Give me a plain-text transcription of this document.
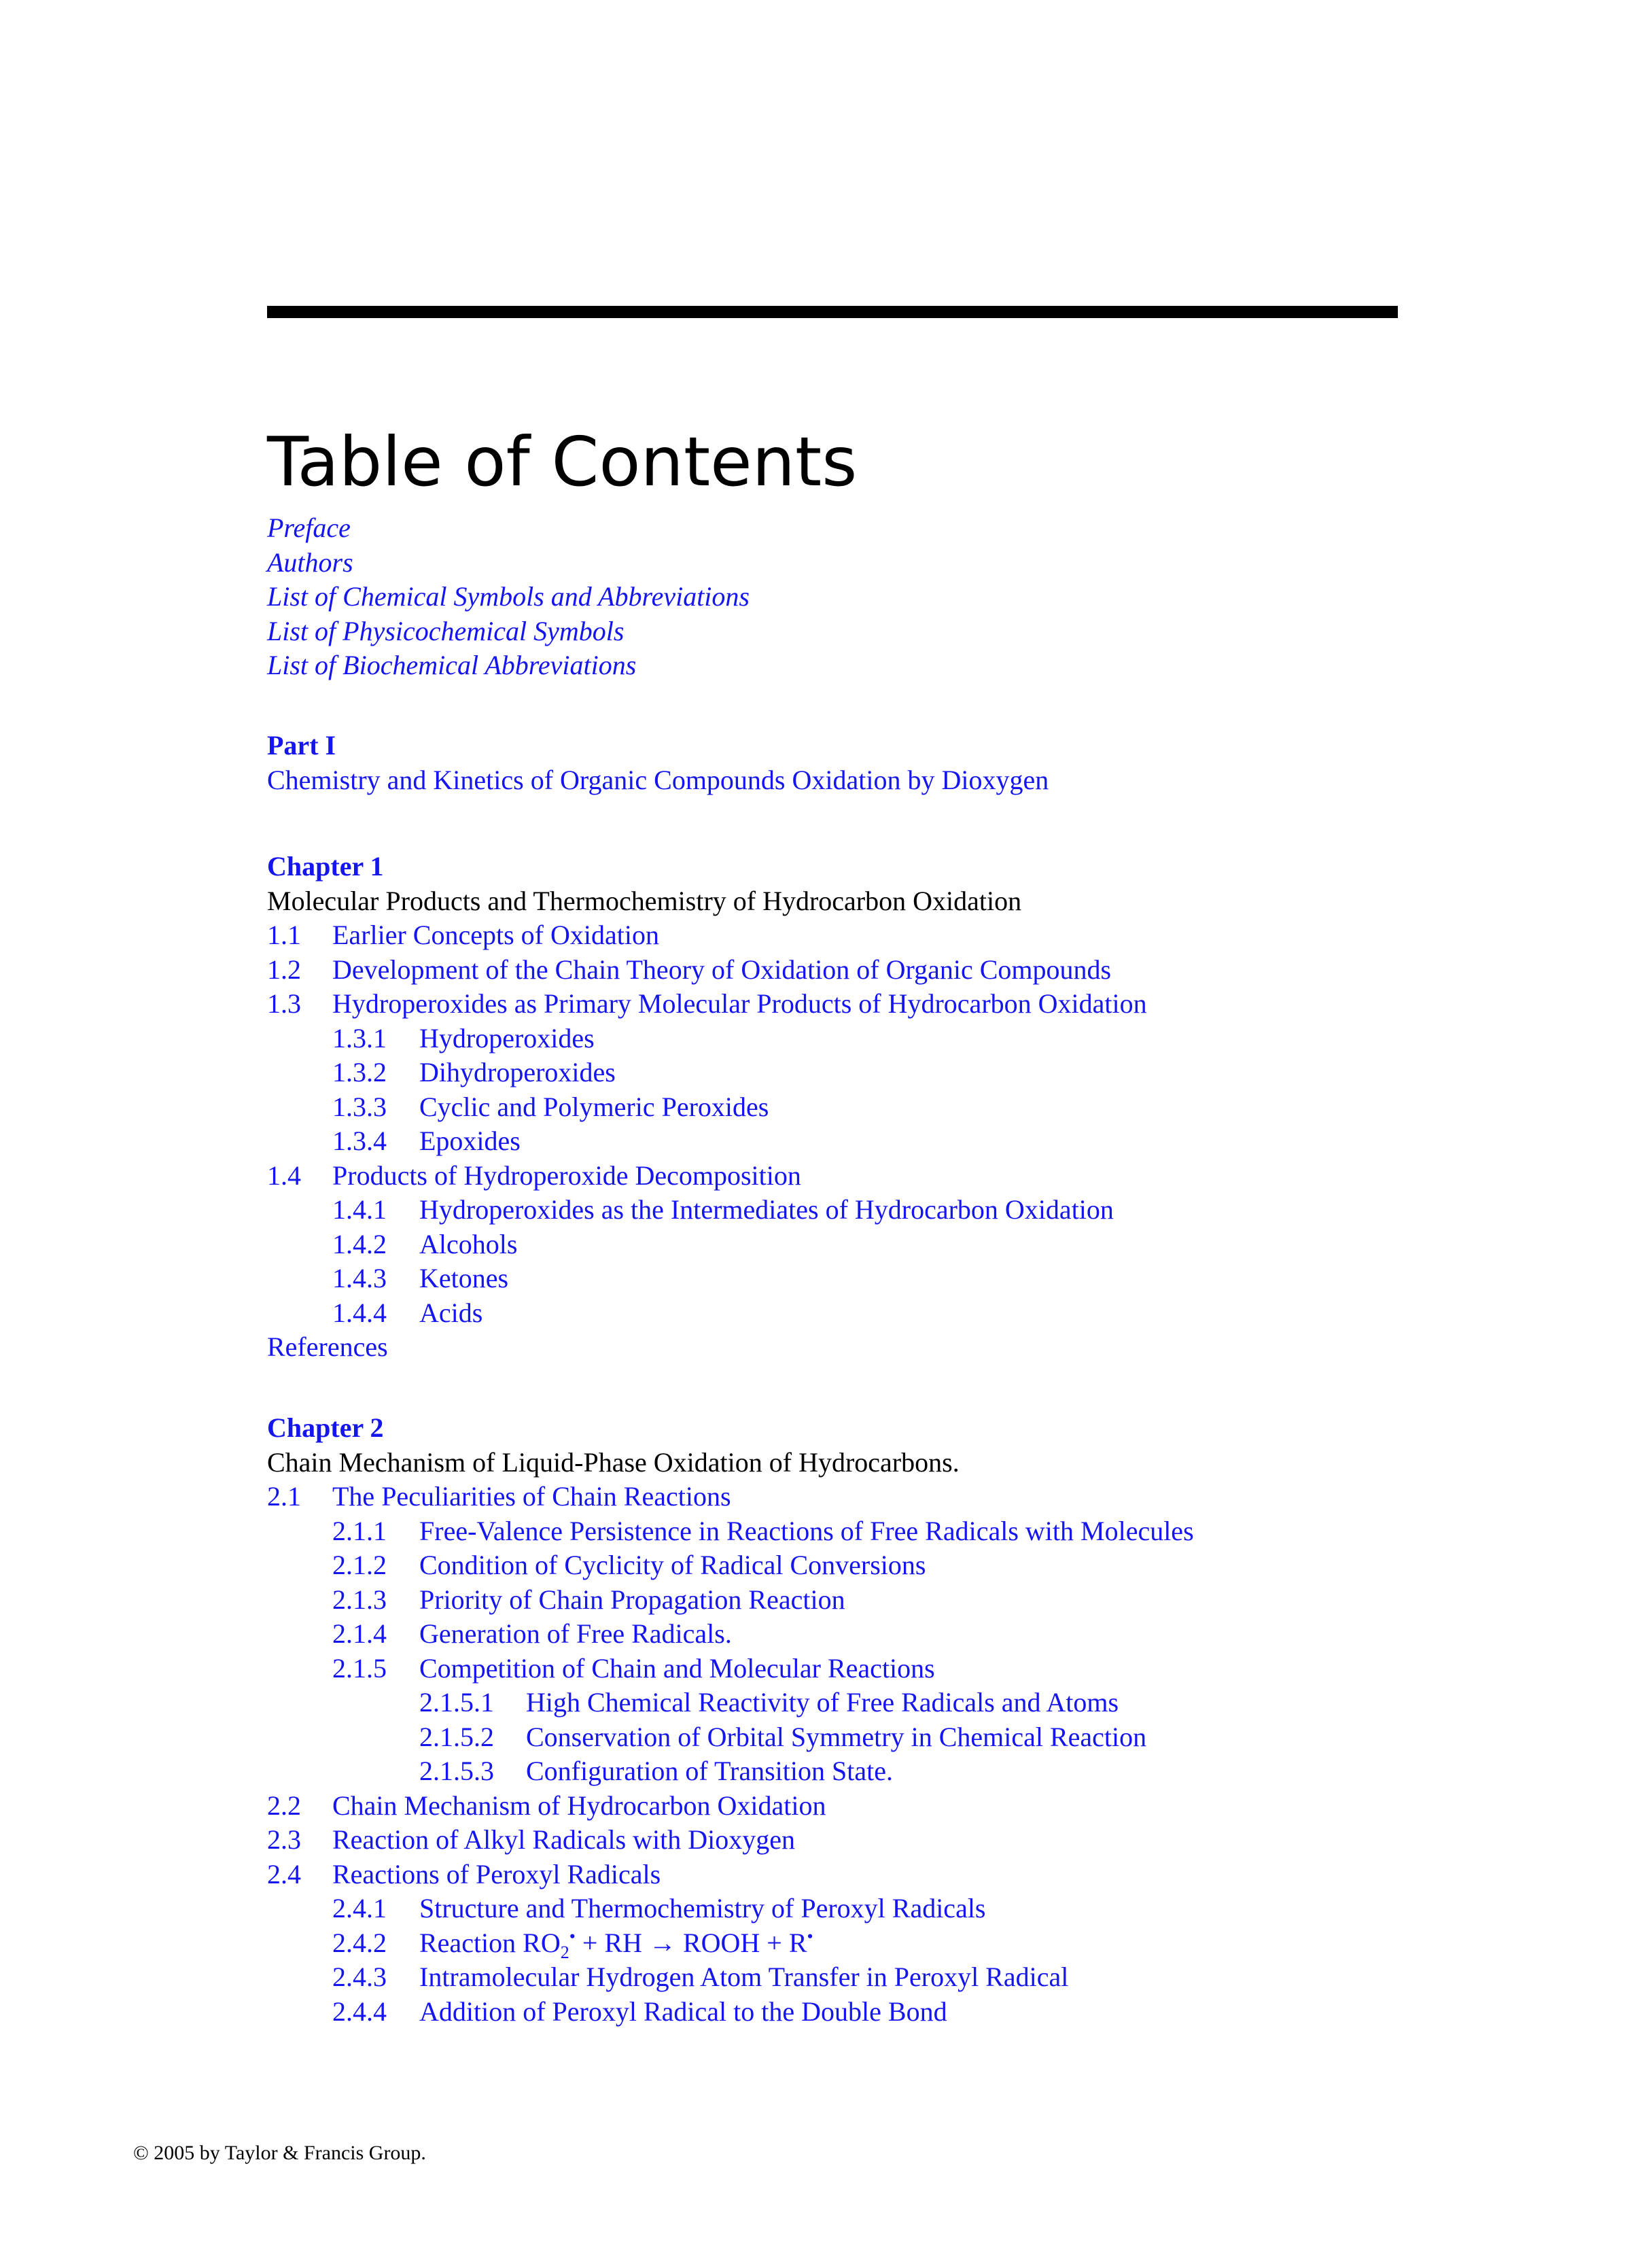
Table of Contents
Preface
Authors
List of Chemical Symbols and Abbreviations
List of Physicochemical Symbols
List of Biochemical Abbreviations
Part I
Chemistry and Kinetics of Organic Compounds Oxidation by Dioxygen
Chapter 1
Molecular Products and Thermochemistry of Hydrocarbon Oxidation
1.1 Earlier Concepts of Oxidation
1.2 Development of the Chain Theory of Oxidation of Organic Compounds
1.3 Hydroperoxides as Primary Molecular Products of Hydrocarbon Oxidation
1.3.1 Hydroperoxides
1.3.2 Dihydroperoxides
1.3.3 Cyclic and Polymeric Peroxides
1.3.4 Epoxides
1.4 Products of Hydroperoxide Decomposition
1.4.1 Hydroperoxides as the Intermediates of Hydrocarbon Oxidation
1.4.2 Alcohols
1.4.3 Ketones
1.4.4 Acids
References
Chapter 2
Chain Mechanism of Liquid-Phase Oxidation of Hydrocarbons.
2.1 The Peculiarities of Chain Reactions
2.1.1 Free-Valence Persistence in Reactions of Free Radicals with Molecules
2.1.2 Condition of Cyclicity of Radical Conversions
2.1.3 Priority of Chain Propagation Reaction
2.1.4 Generation of Free Radicals.
2.1.5 Competition of Chain and Molecular Reactions
2.1.5.1 High Chemical Reactivity of Free Radicals and Atoms
2.1.5.2 Conservation of Orbital Symmetry in Chemical Reaction
2.1.5.3 Configuration of Transition State.
2.2 Chain Mechanism of Hydrocarbon Oxidation
2.3 Reaction of Alkyl Radicals with Dioxygen
2.4 Reactions of Peroxyl Radicals
2.4.1 Structure and Thermochemistry of Peroxyl Radicals
2.4.2 Reaction $RO_2^•$ + RH → ROOH + R•
2.4.3 Intramolecular Hydrogen Atom Transfer in Peroxyl Radical
2.4.4 Addition of Peroxyl Radical to the Double Bond
© 2005 by Taylor & Francis Group.
